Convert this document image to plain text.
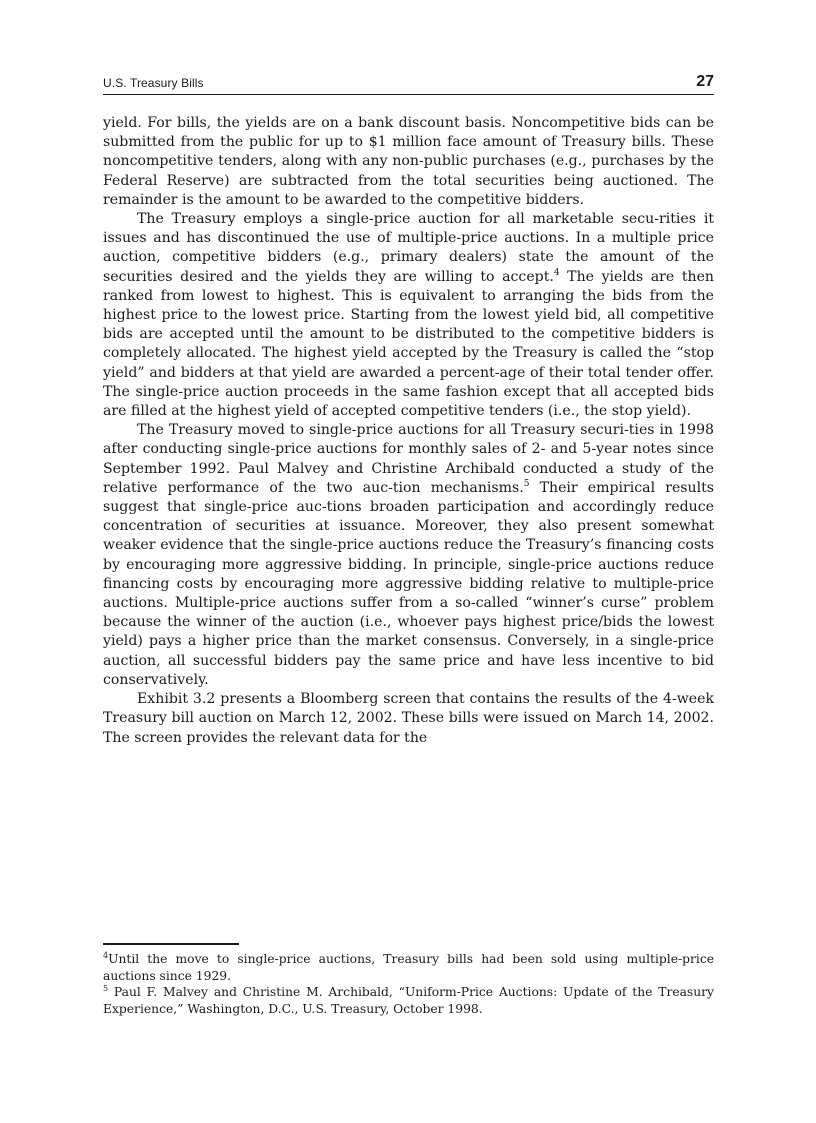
U.S. Treasury Bills	27

yield. For bills, the yields are on a bank discount basis. Noncompetitive bids can be submitted from the public for up to $1 million face amount of Treasury bills. These noncompetitive tenders, along with any non-public purchases (e.g., purchases by the Federal Reserve) are subtracted from the total securities being auctioned. The remainder is the amount to be awarded to the competitive bidders.

The Treasury employs a single-price auction for all marketable secu-rities it issues and has discontinued the use of multiple-price auctions. In a multiple price auction, competitive bidders (e.g., primary dealers) state the amount of the securities desired and the yields they are willing to accept.$^4$ The yields are then ranked from lowest to highest. This is equivalent to arranging the bids from the highest price to the lowest price. Starting from the lowest yield bid, all competitive bids are accepted until the amount to be distributed to the competitive bidders is completely allocated. The highest yield accepted by the Treasury is called the “stop yield” and bidders at that yield are awarded a percent-age of their total tender offer. The single-price auction proceeds in the same fashion except that all accepted bids are filled at the highest yield of accepted competitive tenders (i.e., the stop yield).

The Treasury moved to single-price auctions for all Treasury securi-ties in 1998 after conducting single-price auctions for monthly sales of 2- and 5-year notes since September 1992. Paul Malvey and Christine Archibald conducted a study of the relative performance of the two auc-tion mechanisms.$^5$ Their empirical results suggest that single-price auc-tions broaden participation and accordingly reduce concentration of securities at issuance. Moreover, they also present somewhat weaker evidence that the single-price auctions reduce the Treasury’s financing costs by encouraging more aggressive bidding. In principle, single-price auctions reduce financing costs by encouraging more aggressive bidding relative to multiple-price auctions. Multiple-price auctions suffer from a so-called “winner’s curse” problem because the winner of the auction (i.e., whoever pays highest price/bids the lowest yield) pays a higher price than the market consensus. Conversely, in a single-price auction, all successful bidders pay the same price and have less incentive to bid conservatively.

Exhibit 3.2 presents a Bloomberg screen that contains the results of the 4-week Treasury bill auction on March 12, 2002. These bills were issued on March 14, 2002. The screen provides the relevant data for the

$^4$Until the move to single-price auctions, Treasury bills had been sold using multiple-price auctions since 1929.

$^5$ Paul F. Malvey and Christine M. Archibald, “Uniform-Price Auctions: Update of the Treasury Experience,” Washington, D.C., U.S. Treasury, October 1998.
